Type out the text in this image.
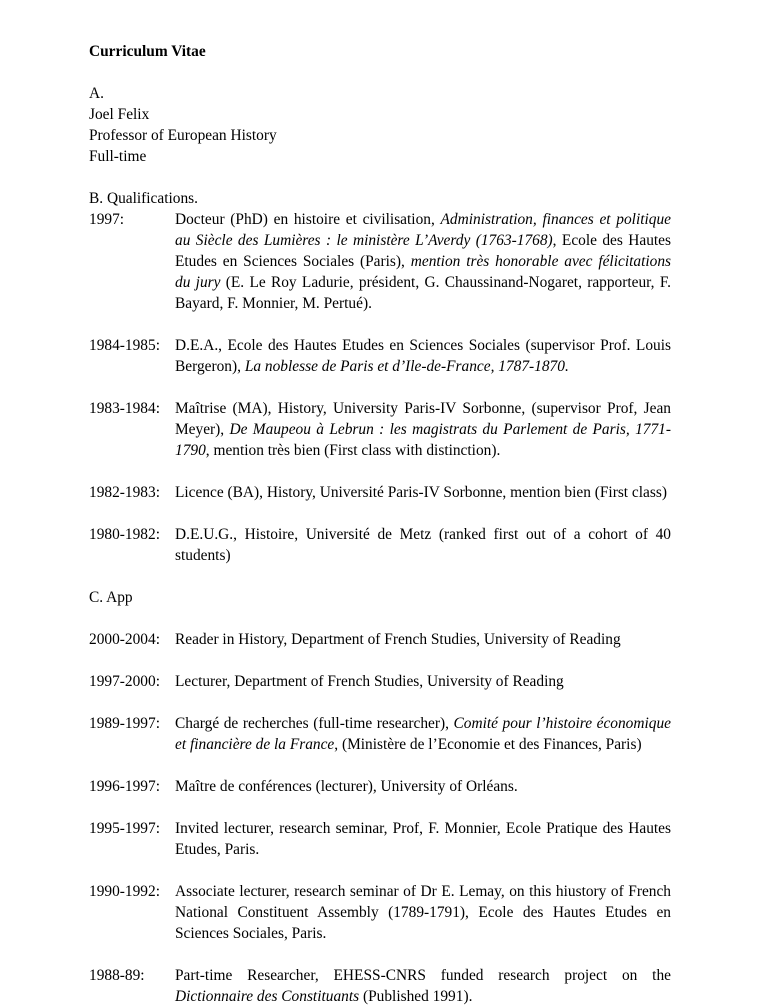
Curriculum Vitae

A.

Joel Felix

Professor of European History

Full-time

B. Qualifications.

1997:	Docteur (PhD) en histoire et civilisation, Administration, finances et politique au Siècle des Lumières : le ministère L’Averdy (1763-1768), Ecole des Hautes Etudes en Sciences Sociales (Paris), mention très honorable avec félicitations du jury (E. Le Roy Ladurie, président, G. Chaussinand-Nogaret, rapporteur, F. Bayard, F. Monnier, M. Pertué).
1984-1985: D.E.A., Ecole des Hautes Etudes en Sciences Sociales (supervisor Prof. Louis Bergeron), La noblesse de Paris et d’Ile-de-France, 1787-1870.
1983-1984: Maîtrise (MA), History, University Paris-IV Sorbonne, (supervisor Prof, Jean Meyer), De Maupeou à Lebrun : les magistrats du Parlement de Paris, 1771-1790, mention très bien (First class with distinction).
1982-1983: Licence (BA), History, Université Paris-IV Sorbonne, mention bien (First class)
1980-1982: D.E.U.G., Histoire, Université de Metz (ranked first out of a cohort of 40 students)

C. App

2000-2004: Reader in History, Department of French Studies, University of Reading
1997-2000: Lecturer, Department of French Studies, University of Reading
1989-1997: Chargé de recherches (full-time researcher), Comité pour l’histoire économique et financière de la France, (Ministère de l’Economie et des Finances, Paris)
1996-1997: Maître de conférences (lecturer), University of Orléans.
1995-1997: Invited lecturer, research seminar, Prof, F. Monnier, Ecole Pratique des Hautes Etudes, Paris.
1990-1992: Associate lecturer, research seminar of Dr E. Lemay, on this hiustory of French National Constituent Assembly (1789-1791), Ecole des Hautes Etudes en Sciences Sociales, Paris.
1988-89:	Part-time Researcher, EHESS-CNRS funded research project on the Dictionnaire des Constituants (Published 1991).
